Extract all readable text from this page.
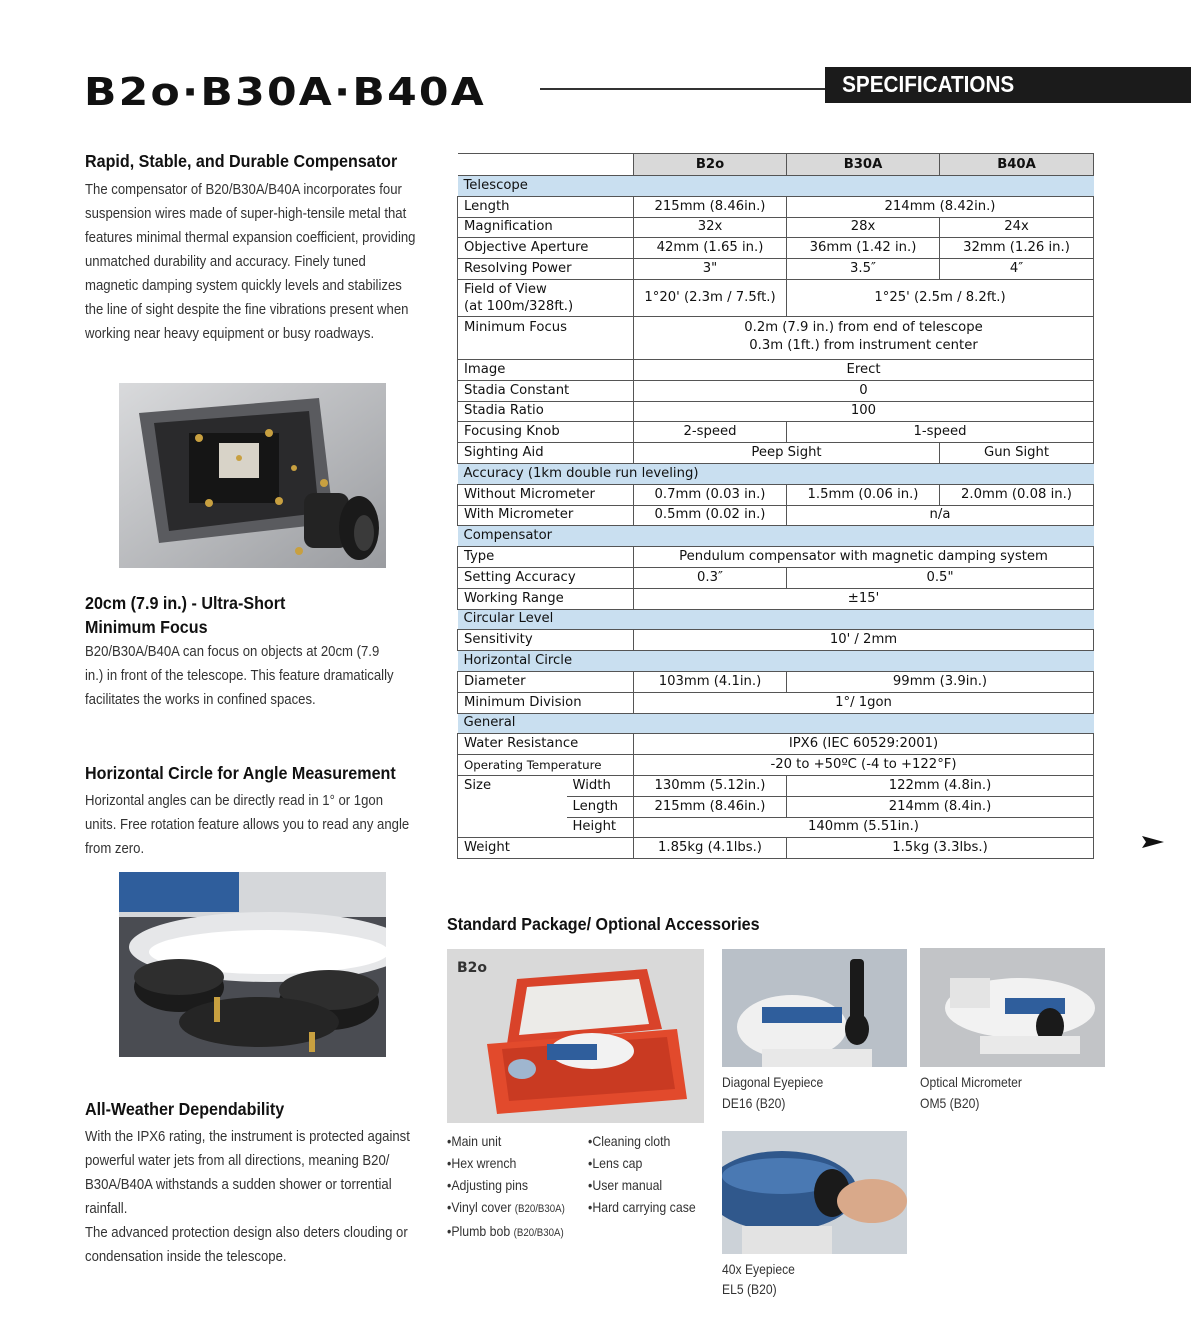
B2o·B30A·B40A	SPECIFICATIONS
Rapid, Stable, and Durable Compensator
The compensator of B20/B30A/B40A incorporates four suspension wires made of super-high-tensile metal that features minimal thermal expansion coefficient, providing unmatched durability and accuracy. Finely tuned magnetic damping system quickly levels and stabilizes the line of sight despite the fine vibrations present when working near heavy equipment or busy roadways.
20cm (7.9 in.) - Ultra-Short
Minimum Focus
B20/B30A/B40A can focus on objects at 20cm (7.9 in.) in front of the telescope. This feature dramatically facilitates the works in confined spaces.
Horizontal Circle for Angle Measurement
Horizontal angles can be directly read in 1° or 1gon units. Free rotation feature allows you to read any angle from zero.
All-Weather Dependability
With the IPX6 rating, the instrument is protected against powerful water jets from all directions, meaning B20/ B30A/B40A withstands a sudden shower or torrential rainfall.
The advanced protection design also deters clouding or condensation inside the telescope.
		B2o	B30A	B40A
Telescope				
Length		215mm (8.46in.)	214mm (8.42in.)	
Magnification		32x	28x	24x
Objective Aperture		42mm (1.65 in.)	36mm (1.42 in.)	32mm (1.26 in.)
Resolving Power		3"	3.5″	4″

Field of View
(at 100m/328ft.)		1°20' (2.3m / 7.5ft.)	1°25' (2.5m / 8.2ft.)	
Minimum Focus		0.2m (7.9 in.) from end of telescope
0.3m (1ft.) from instrument center		

Image		Erect		
Stadia Constant		0		
Stadia Ratio		100		
Focusing Knob		2-speed	1-speed	
Sighting Aid		Peep Sight		Gun Sight
Accuracy (1km double run leveling)				
Without Micrometer		0.7mm (0.03 in.)	1.5mm (0.06 in.)	2.0mm (0.08 in.)
With Micrometer		0.5mm (0.02 in.)	n/a	
Compensator				
Type		Pendulum compensator with magnetic damping system		
Setting Accuracy		0.3″	0.5"	
Working Range		±15'		
Circular Level				
Sensitivity		10' / 2mm		
Horizontal Circle				
Diameter		103mm (4.1in.)	99mm (3.9in.)	
Minimum Division		1°/ 1gon		
General				
Water Resistance		IPX6 (IEC 60529:2001)		
Operating Temperature		-20 to +50ºC (-4 to +122°F)		
Size	Width	130mm (5.12in.)	122mm (4.8in.)	
	Length	215mm (8.46in.)	214mm (8.4in.)	
	Height	140mm (5.51in.)		
Weight		1.85kg (4.1lbs.)	1.5kg (3.3lbs.)	
Standard Package/ Optional Accessories
B2o
Diagonal Eyepiece
DE16 (B20)
Optical Micrometer
OM5 (B20)
40x Eyepiece
EL5 (B20)
• Main unit
• Hex wrench
• Adjusting pins
• Vinyl cover (B20/B30A)
• Plumb bob (B20/B30A)
• Cleaning cloth
• Lens cap
• User manual
• Hard carrying case
